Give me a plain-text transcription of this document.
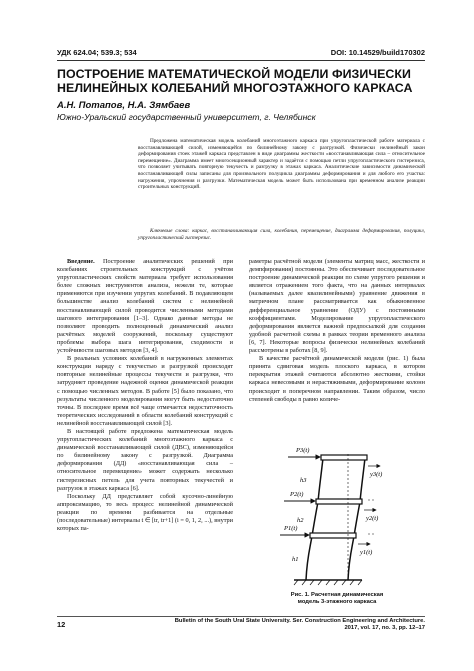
УДК 624.04; 539.3; 534	DOI: 10.14529/build170302
ПОСТРОЕНИЕ МАТЕМАТИЧЕСКОЙ МОДЕЛИ ФИЗИЧЕСКИ НЕЛИНЕЙНЫХ КОЛЕБАНИЙ МНОГОЭТАЖНОГО КАРКАСА
А.Н. Потапов, Н.А. Зямбаев
Южно-Уральский государственный университет, г. Челябинск

Предложена математическая модель колебаний многоэтажного каркаса при упругопластической работе материала с восстанавливающей силой, изменяющейся по билинейному закону с разгрузкой. Физически нелинейный закон деформирования стоек этажей каркаса представлен в виде диаграммы жесткости «восстанавливающая сила – относительное перемещение». Диаграмма имеет многосекционный характер и задаётся с помощью петли упругопластического гистерезиса, что позволяет учитывать повторную текучесть и разгрузку в этажах каркаса. Аналитические зависимости динамической восстанавливающей силы записаны для произвольного полуцикла диаграммы деформирования и для любого его участка: нагружения, упрочнения и разгрузки. Математическая модель может быть использована при временном анализе реакции строительных конструкций.

Ключевые слова: каркас, восстанавливающая сила, колебания, перемещение, диаграмма деформирования, полуцикл, упругопластический гистерезис.

Введение. Построение аналитических решений при колебаниях строительных конструкций с учётом упругопластических свойств материала требует использования более сложных инструментов анализа, нежели те, которые применяются при изучении упругих колебаний. В подавляющем большинстве анализ колебаний систем с нелинейной восстанавливающей силой проводится численными методами шагового интегрирования [1–3]. Однако данные методы не позволяют проводить полноценный динамический анализ расчётных моделей сооружений, поскольку существуют проблемы выбора шага интегрирования, сходимости и устойчивости шаговых методов [3, 4].

В реальных условиях колебаний в нагруженных элементах конструкции наряду с текучестью и разгрузкой происходят повторные нелинейные процессы текучести и разгрузки, что затрудняет проведение надежной оценки динамической реакции с помощью численных методов. В работе [5] было показано, что результаты численного моделирования могут быть недостаточно точны. В последнее время всё чаще отмечается недостаточность теоретических исследований в области колебаний конструкций с нелинейной восстанавливающей силой [3].

В настоящей работе предложена математическая модель упругопластических колебаний многоэтажного каркаса с динамической восстанавливающей силой (ДВС), изменяющейся по билинейному закону с разгрузкой. Диаграмма деформирования (ДД) «восстанавливающая сила – относительное перемещение» может содержать несколько гистерезисных петель для учета повторных текучестей и разгрузок в этажах каркаса [6].

Поскольку ДД представляет собой кусочно-линейную аппроксимацию, то весь процесс нелинейной динамической реакции по времени разбивается на отдельные (последовательные) интервалы t ∈ [tr, tr+1] (i = 0, 1, 2, ...), внутри которых па-

раметры расчётной модели (элементы матриц масс, жесткости и демпфирования) постоянны. Это обеспечивает последовательное построение динамической реакции по схеме упругого решения и является отражением того факта, что на данных интервалах (называемых далее квазилинейными) уравнение движения в матричном плане рассматривается как обыкновенное дифференциальное уравнение (ОДУ) с постоянными коэффициентами. Моделирование упругопластического деформирования является важной предпосылкой для создания удобной расчетной схемы в рамках теории временного анализа [6, 7]. Некоторые вопросы физически нелинейных колебаний рассмотрены в работах [8, 9].

В качестве расчётной динамической модели (рис. 1) была принята сдвиговая модель плоского каркаса, в котором перекрытия этажей считаются абсолютно жесткими, стойки каркаса невесомыми и нерастяжимыми, деформирование колонн происходит в поперечном направлении. Таким образом, число степеней свободы n равно количе-

P3(t)
P2(t)
P1(t)
y3(t)
y2(t)
y1(t)
h3
h2
h1
Рис. 1. Расчетная динамическая
модель 3-этажного каркаса
12	Bulletin of the South Ural State University. Ser. Construction Engineering and Architecture.
2017, vol. 17, no. 3, pp. 12–17
